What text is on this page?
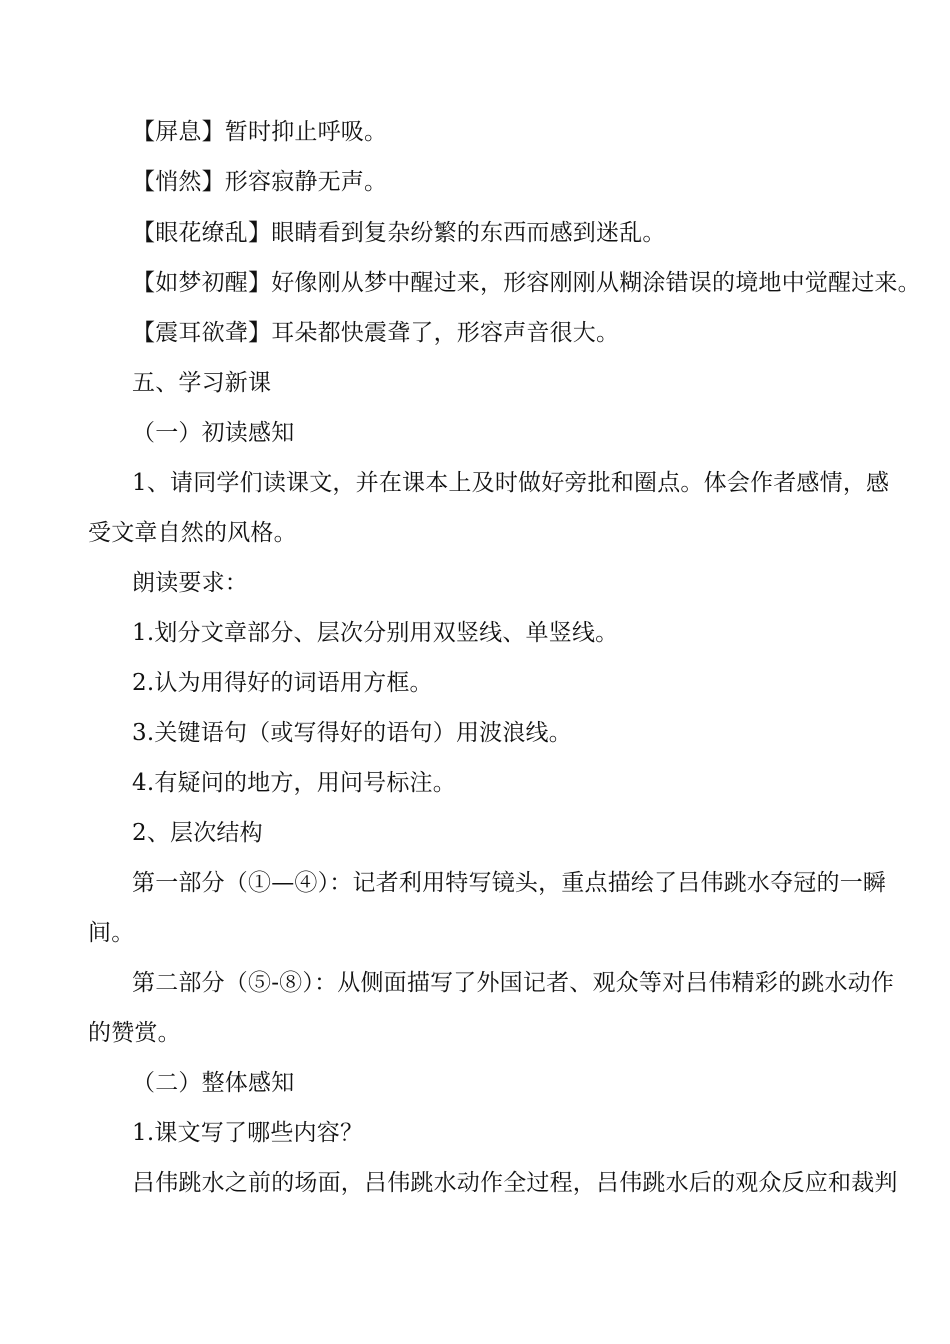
【屏息】暂时抑止呼吸。
【悄然】形容寂静无声。
【眼花缭乱】眼睛看到复杂纷繁的东西而感到迷乱。
【如梦初醒】好像刚从梦中醒过来，形容刚刚从糊涂错误的境地中觉醒过来。
【震耳欲聋】耳朵都快震聋了，形容声音很大。
五、学习新课
（一）初读感知
1、请同学们读课文，并在课本上及时做好旁批和圈点。体会作者感情，感
受文章自然的风格。
朗读要求：
1.划分文章部分、层次分别用双竖线、单竖线。
2.认为用得好的词语用方框。
3.关键语句（或写得好的语句）用波浪线。
4.有疑问的地方，用问号标注。
2、层次结构
第一部分（①—④）：记者利用特写镜头，重点描绘了吕伟跳水夺冠的一瞬
间。
第二部分（⑤-⑧）：从侧面描写了外国记者、观众等对吕伟精彩的跳水动作
的赞赏。
（二）整体感知
1.课文写了哪些内容？
吕伟跳水之前的场面，吕伟跳水动作全过程，吕伟跳水后的观众反应和裁判
